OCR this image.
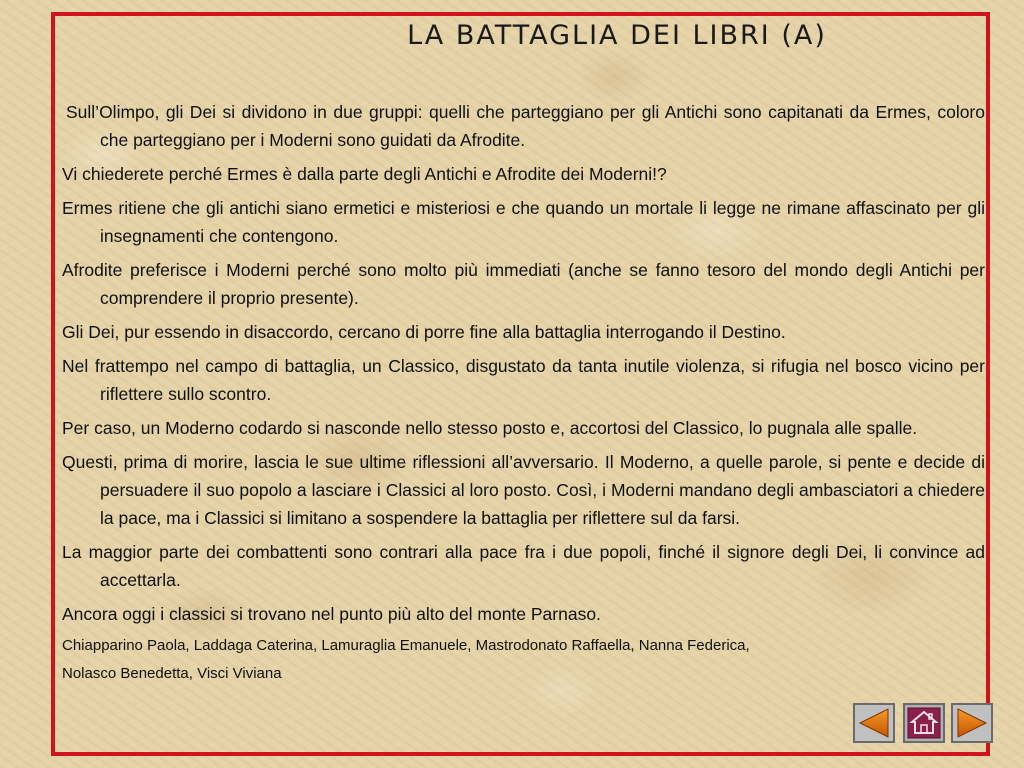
LA BATTAGLIA DEI LIBRI (A)

Sull’Olimpo, gli Dei si dividono in due gruppi: quelli che parteggiano per gli Antichi sono capitanati da Ermes, coloro che parteggiano per i Moderni sono guidati da Afrodite.

Vi chiederete perché Ermes è dalla parte degli Antichi e Afrodite dei Moderni!?

Ermes ritiene che gli antichi siano ermetici e misteriosi e che quando un mortale li legge ne rimane affascinato per gli insegnamenti che contengono.

Afrodite preferisce i Moderni perché sono molto più immediati (anche se fanno tesoro del mondo degli Antichi per comprendere il proprio presente).

Gli Dei, pur essendo in disaccordo, cercano di porre fine alla battaglia interrogando il Destino.

Nel frattempo nel campo di battaglia, un Classico, disgustato da tanta inutile violenza, si rifugia nel bosco vicino per riflettere sullo scontro.

Per caso, un Moderno codardo si nasconde nello stesso posto e, accortosi del Classico, lo pugnala alle spalle.

Questi, prima di morire, lascia le sue ultime riflessioni all’avversario. Il Moderno, a quelle parole, si pente e decide di persuadere il suo popolo a lasciare i Classici al loro posto. Così, i Moderni mandano degli ambasciatori a chiedere la pace, ma i Classici si limitano a sospendere la battaglia per riflettere sul da farsi.

La maggior parte dei combattenti sono contrari alla pace fra i due popoli, finché il signore degli Dei, li convince ad accettarla.

Ancora oggi i classici si trovano nel punto più alto del monte Parnaso.

Chiapparino Paola, Laddaga Caterina, Lamuraglia Emanuele, Mastrodonato Raffaella, Nanna Federica,

Nolasco Benedetta, Visci Viviana
